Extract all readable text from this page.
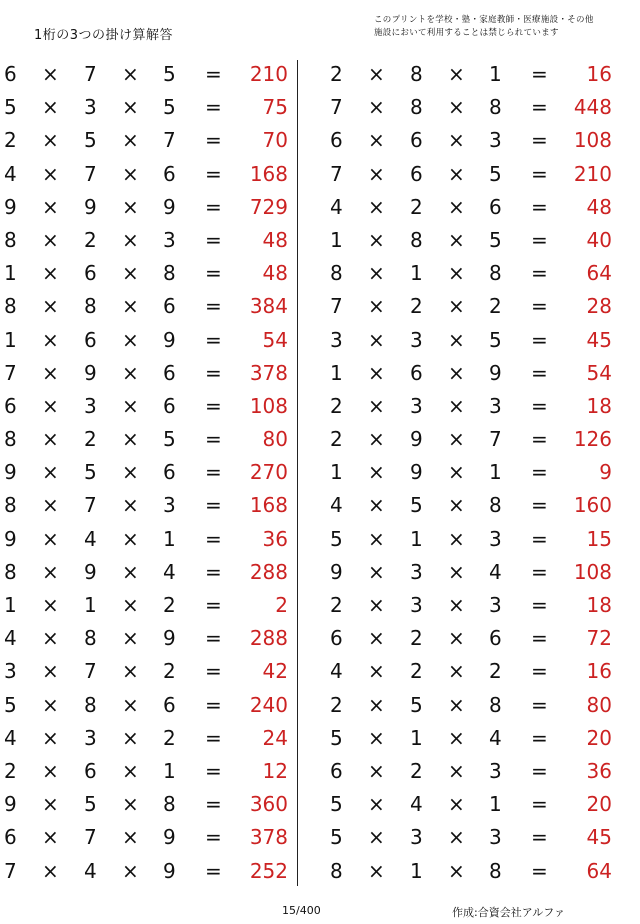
1桁の3つの掛け算解答
このプリントを学校・塾・家庭教師・医療施設・その他
施設において利用することは禁じられています
6 × 7 × 5 =	210
5 × 3 × 5 =	75
2 × 5 × 7 =	70
4 × 7 × 6 =	168
9 × 9 × 9 =	729
8 × 2 × 3 =	48
1 × 6 × 8 =	48
8 × 8 × 6 =	384
1 × 6 × 9 =	54
7 × 9 × 6 =	378
6 × 3 × 6 =	108
8 × 2 × 5 =	80
9 × 5 × 6 =	270
8 × 7 × 3 =	168
9 × 4 × 1 =	36
8 × 9 × 4 =	288
1 × 1 × 2 =	2
4 × 8 × 9 =	288
3 × 7 × 2 =	42
5 × 8 × 6 =	240
4 × 3 × 2 =	24
2 × 6 × 1 =	12
9 × 5 × 8 =	360
6 × 7 × 9 =	378
7 × 4 × 9 =	252
2 × 8 × 1 =	16
7 × 8 × 8 =	448
6 × 6 × 3 =	108
7 × 6 × 5 =	210
4 × 2 × 6 =	48
1 × 8 × 5 =	40
8 × 1 × 8 =	64
7 × 2 × 2 =	28
3 × 3 × 5 =	45
1 × 6 × 9 =	54
2 × 3 × 3 =	18
2 × 9 × 7 =	126
1 × 9 × 1 =	9
4 × 5 × 8 =	160
5 × 1 × 3 =	15
9 × 3 × 4 =	108
2 × 3 × 3 =	18
6 × 2 × 6 =	72
4 × 2 × 2 =	16
2 × 5 × 8 =	80
5 × 1 × 4 =	20
6 × 2 × 3 =	36
5 × 4 × 1 =	20
5 × 3 × 3 =	45
8 × 1 × 8 =	64
15/400	作成:合資会社アルファ
